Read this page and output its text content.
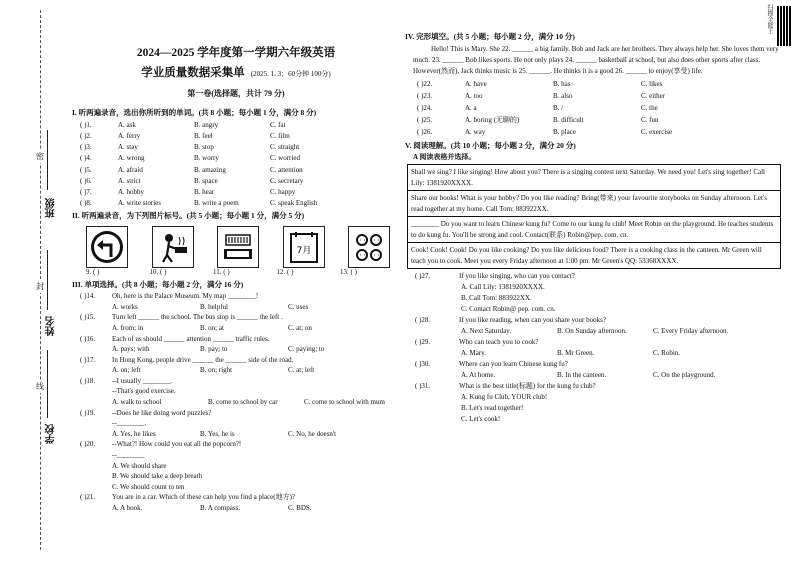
密
封
线
班级
姓名
学校
扫描全能王
2024—2025 学年度第一学期六年级英语
学业质量数据采集单 (2025. 1. 3；60分钟 100分)
第一卷(选择题，共计 79 分)
I. 听两遍录音，选出你所听到的单词。(共 8 小题；每小题 1 分，满分 8 分)
( )1.	A. ask	B. angry	C. fat
( )2.	A. ferry	B. feel	C. film
( )3.	A. stay	B. stop	C. straight
( )4.	A. wrong	B. worry	C. worried
( )5.	A. afraid	B. amazing	C. attention
( )6.	A. strict	B. space	C. secretary
( )7.	A. hobby	B. hear	C. happy
( )8.	A. write stories	B. write a poem	C. speak English
II. 听两遍录音，为下列图片标号。(共 5 小题；每小题 1 分，满分 5 分)
7月
9. ( )	10. ( )	11. ( )	12. ( )	13. ( )
III. 单项选择。(共 8 小题；每小题 2 分，满分 16 分)
( )14. Oh, here is the Palace Museum. My map ________!
A. works	B. helpful	C. uses
( )15. Turn left ______ the school. The bus stop is ______ the left .
A. from; in	B. on; at	C. at; on
( )16. Each of us should ______ attention ______ traffic rules.
A. pays; with	B. pay; to	C. paying; to
( )17. In Hong Kong, people drive ______ the ______ side of the road.
A. on; left	B. on; right	C. at; left
( )18. --I usually ________.
--That's good exercise.
A. walk to school	B. come to school by car	C. come to school with mum
( )19. --Does he like doing word puzzles?
--________.
A. Yes, he likes	B. Yes, he is	C. No, he doesn't
( )20. --What?! How could you eat all the popcorn?!
--________
A. We should share
B. We should take a deep breath
C. We should count to ten
( )21. You are in a car. Which of these can help you find a place(地方)?
A. A book.	B. A compass.	C. BDS.
IV. 完形填空。(共 5 小题；每小题 2 分，满分 10 分)
Hello! This is Mary. She 22. ______ a big family. Bob and Jack are her brothers. They always help her. She loves them very much. 23. ______ Bob likes sports. He not only plays 24. ______ basketball at school, but also does other sports after class. However(然而), Jack thinks music is 25. ______. He thinks it is a good 26. ______ to enjoy(享受) life.
( )22.	A. have	B. has	C. likes
( )23.	A. too	B. also	C. either
( )24.	A. a	B. /	C. the
( )25.	A. boring (无聊的)	B. difficult	C. fun
( )26.	A. way	B. place	C. exercise
V. 阅读理解。(共 10 小题；每小题 2 分，满分 20 分)
A 阅读表格并选择。
Shall we sing? I like singing! How about you? There is a singing contest next Saturday. We need you! Let's sing together! Call Lily: 1381920XXXX.
Share our books! What is your hobby? Do you like reading? Bring(带来) your favourite storybooks on Sunday afternoon. Let's read together at my home. Call Tom: 883922XX.
________ Do you want to learn Chinese kung fu? Come to our kung fu club! Meet Robin on the playground. He teaches students to do kung fu. You'll be strong and cool. Contact(联系) Robin@pep. com. cn.
Cook! Cook! Cook! Do you like cooking? Do you like delicious food? There is a cooking class in the canteen. Mr Green will teach you to cook. Meet you every Friday afternoon at 1:00 pm. Mr Green's QQ: 53368XXXX.
( )27.	If you like singing, who can you contact?
A. Call Lily: 1381920XXXX.
B. Call Tom: 883922XX.
C. Contact Robin@ pep. com. cn.
( )28.	If you like reading, when can you share your books?
A. Next Saturday.	B. On Sunday afternoon.	C. Every Friday afternoon.
( )29.	Who can teach you to cook?
A. Mary.	B. Mr Green.	C. Robin.
( )30.	Where can you learn Chinese kung fu?
A. At home.	B. In the canteen.	C. On the playground.
( )31.	What is the best title(标题) for the kung fu club?
A. Kung fu Club, YOUR club!
B. Let's read together!
C. Let's cook!
